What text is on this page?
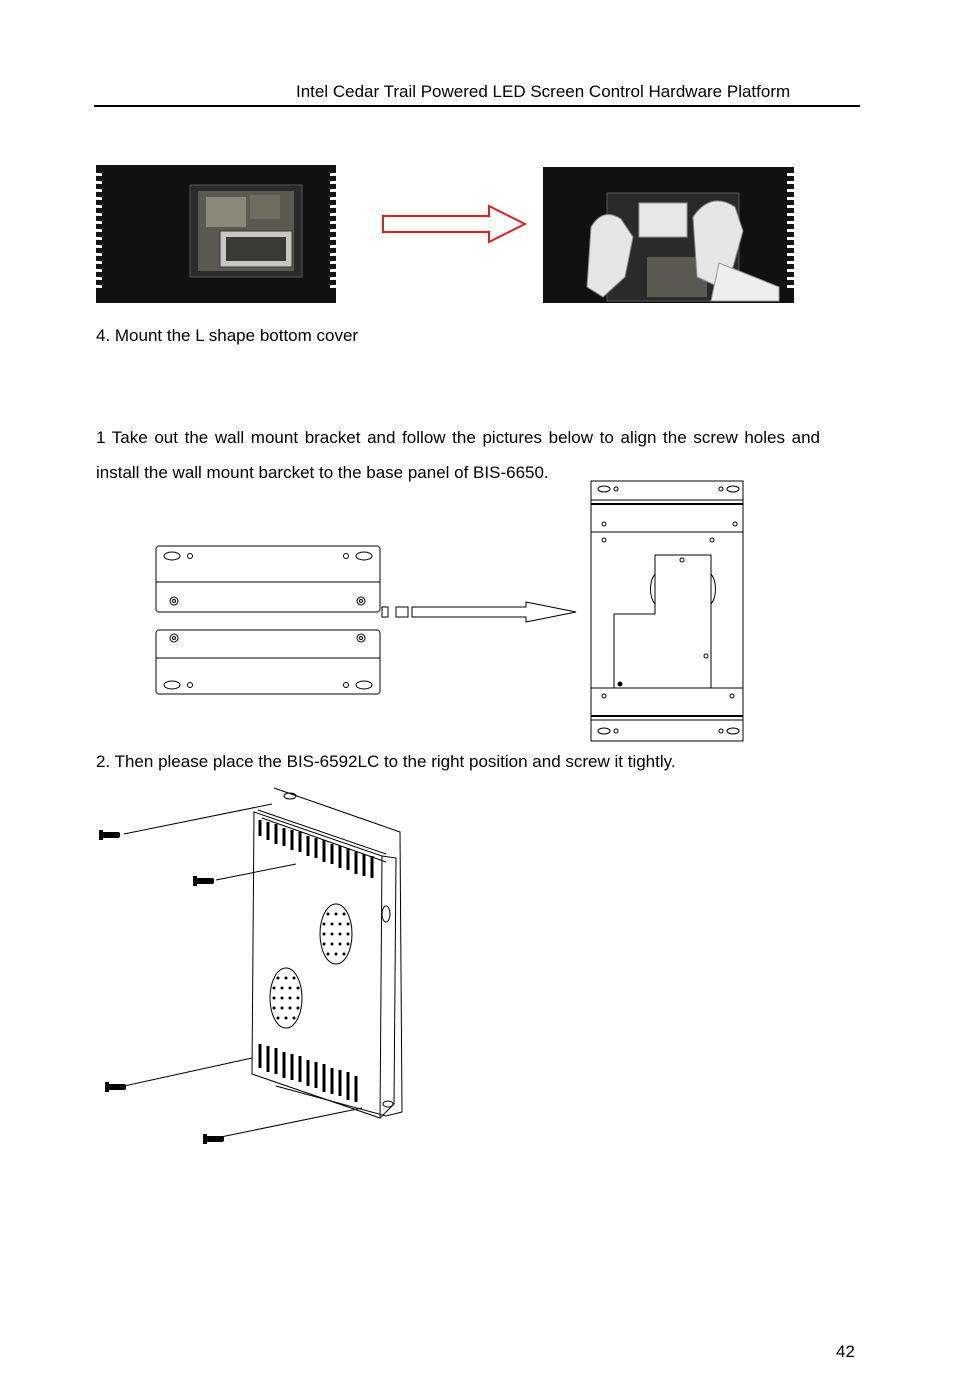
Intel Cedar Trail Powered LED Screen Control Hardware Platform
4. Mount the L shape bottom cover
1 Take out the wall mount bracket and follow the pictures below to align the screw holes and install the wall mount barcket to the base panel of BIS-6650.
2. Then please place the BIS-6592LC to the right position and screw it tightly.
42
